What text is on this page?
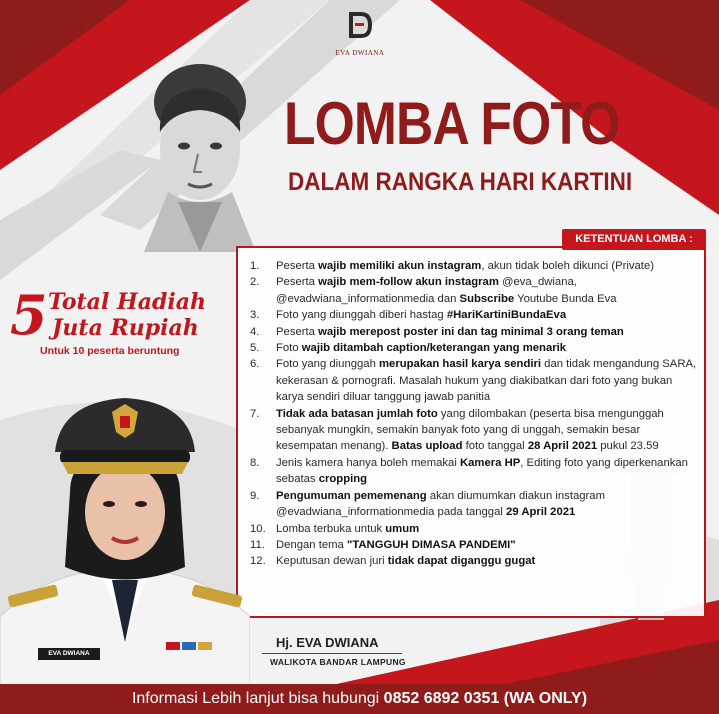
EVA DWIANA
LOMBA FOTO
DALAM RANGKA HARI KARTINI
5 Total Hadiah
Juta Rupiah
Untuk 10 peserta beruntung
KETENTUAN LOMBA :
1.	Peserta wajib memiliki akun instagram, akun tidak boleh dikunci (Private)
2.	Peserta wajib mem-follow akun instagram @eva_dwiana, @evadwiana_informationmedia dan Subscribe Youtube Bunda Eva
3.	Foto yang diunggah diberi hastag #HariKartiniBundaEva
4.	Peserta wajib merepost poster ini dan tag minimal 3 orang teman
5.	Foto wajib ditambah caption/keterangan yang menarik
6.	Foto yang diunggah merupakan hasil karya sendiri dan tidak mengandung SARA, kekerasan & pornografi. Masalah hukum yang diakibatkan dari foto yang bukan karya sendiri diluar tanggung jawab panitia
7.	Tidak ada batasan jumlah foto yang dilombakan (peserta bisa mengunggah sebanyak mungkin, semakin banyak foto yang di unggah, semakin besar kesempatan menang). Batas upload foto tanggal 28 April 2021 pukul 23.59
8.	Jenis kamera hanya boleh memakai Kamera HP, Editing foto yang diperkenankan sebatas cropping
9.	Pengumuman pememenang akan diumumkan diakun instagram @evadwiana_informationmedia pada tanggal 29 April 2021
10. Lomba terbuka untuk umum
11. Dengan tema "TANGGUH DIMASA PANDEMI"
12. Keputusan dewan juri tidak dapat diganggu gugat
EVA DWIANA
Hj. EVA DWIANA
WALIKOTA BANDAR LAMPUNG
Informasi Lebih lanjut bisa hubungi 0852 6892 0351 (WA ONLY)
